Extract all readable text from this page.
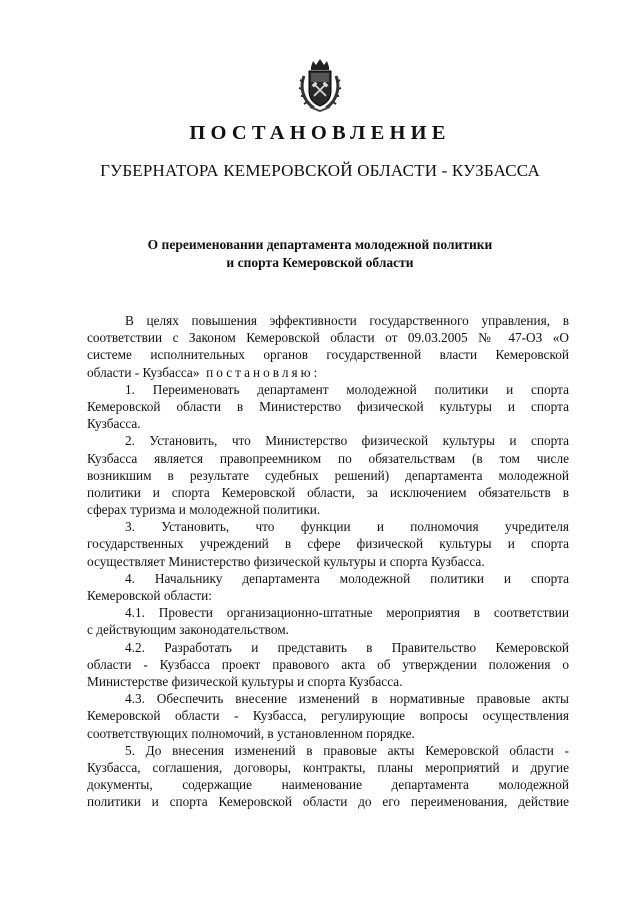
ПОСТАНОВЛЕНИЕ
ГУБЕРНАТОРА КЕМЕРОВСКОЙ ОБЛАСТИ - КУЗБАССА
О переименовании департамента молодежной политики
и спорта Кемеровской области
В целях повышения эффективности государственного управления, в
соответствии с Законом Кемеровской области от 09.03.2005 № 47-ОЗ «О
системе исполнительных органов государственной власти Кемеровской
области - Кузбасса» постановляю:
1. Переименовать департамент молодежной политики и спорта
Кемеровской области в Министерство физической культуры и спорта
Кузбасса.
2. Установить, что Министерство физической культуры и спорта
Кузбасса является правопреемником по обязательствам (в том числе
возникшим в результате судебных решений) департамента молодежной
политики и спорта Кемеровской области, за исключением обязательств в
сферах туризма и молодежной политики.
3. Установить, что функции и полномочия учредителя
государственных учреждений в сфере физической культуры и спорта
осуществляет Министерство физической культуры и спорта Кузбасса.
4. Начальнику департамента молодежной политики и спорта
Кемеровской области:
4.1. Провести организационно-штатные мероприятия в соответствии
с действующим законодательством.
4.2. Разработать и представить в Правительство Кемеровской
области - Кузбасса проект правового акта об утверждении положения о
Министерстве физической культуры и спорта Кузбасса.
4.3. Обеспечить внесение изменений в нормативные правовые акты
Кемеровской области - Кузбасса, регулирующие вопросы осуществления
соответствующих полномочий, в установленном порядке.
5. До внесения изменений в правовые акты Кемеровской области -
Кузбасса, соглашения, договоры, контракты, планы мероприятий и другие
документы, содержащие наименование департамента молодежной
политики и спорта Кемеровской области до его переименования, действие
